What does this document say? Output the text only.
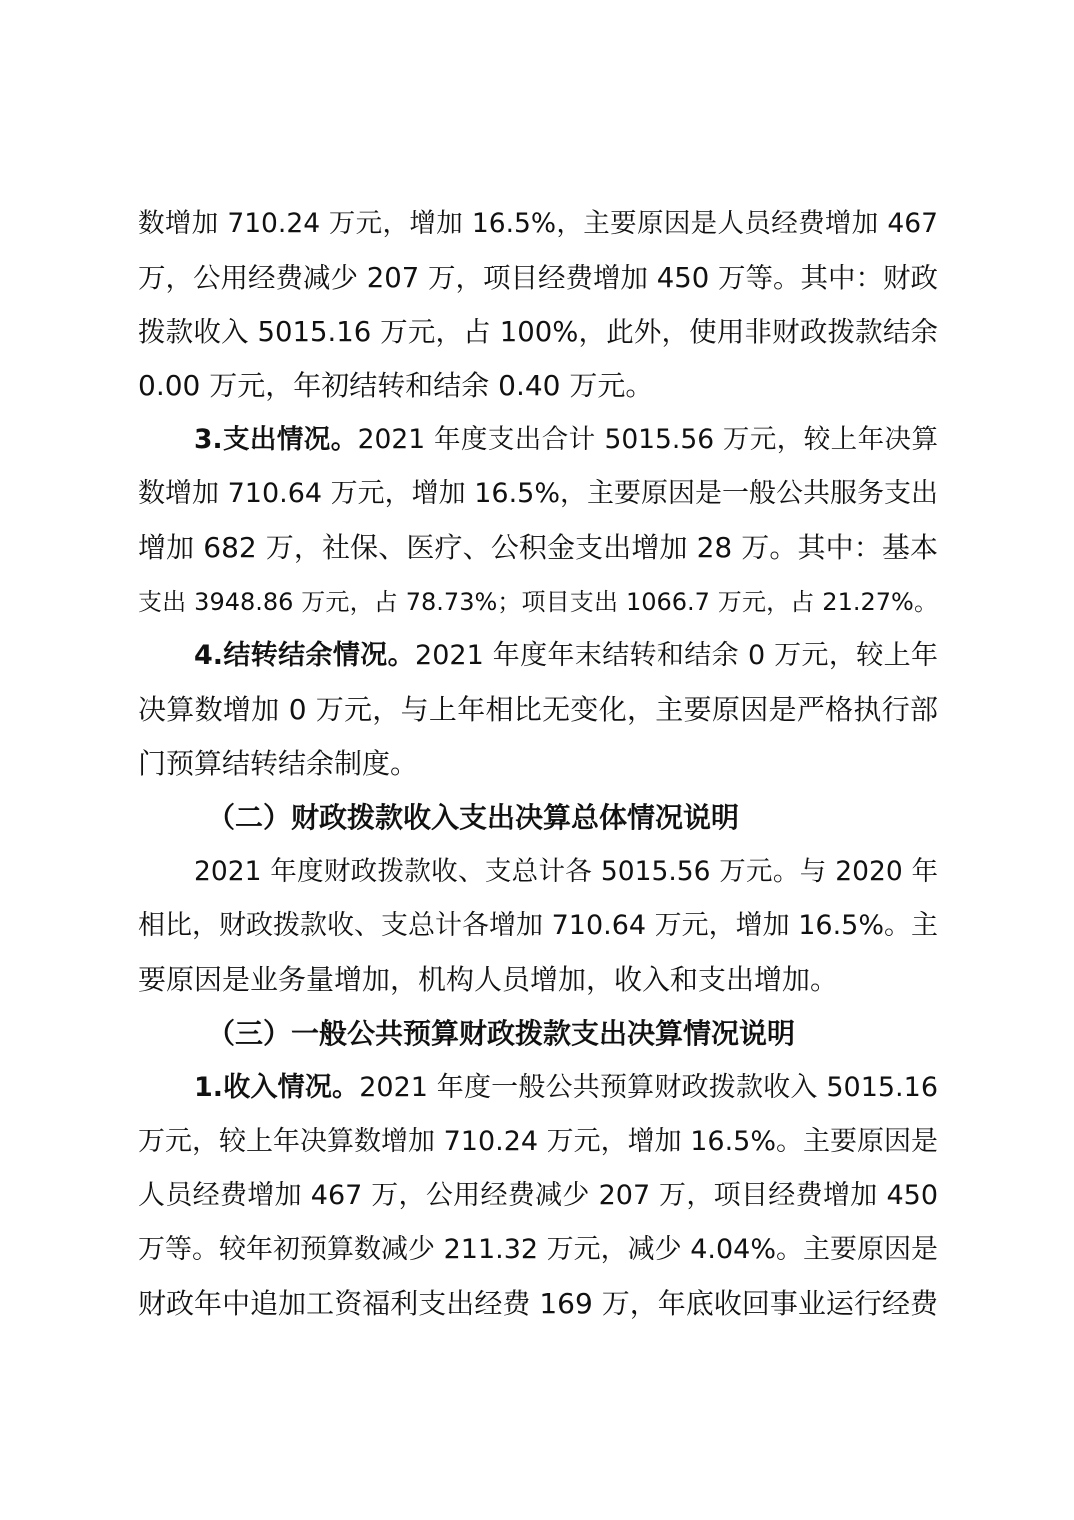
数增加 710.24 万元，增加 16.5%，主要原因是人员经费增加 467
万，公用经费减少 207 万，项目经费增加 450 万等。其中：财政
拨款收入 5015.16 万元，占 100%，此外，使用非财政拨款结余
0.00 万元，年初结转和结余 0.40 万元。
3.支出情况。2021 年度支出合计 5015.56 万元，较上年决算
数增加 710.64 万元，增加 16.5%，主要原因是一般公共服务支出
增加 682 万，社保、医疗、公积金支出增加 28 万。其中：基本
支出 3948.86 万元，占 78.73%；项目支出 1066.7 万元，占 21.27%。
4.结转结余情况。2021 年度年末结转和结余 0 万元，较上年
决算数增加 0 万元，与上年相比无变化，主要原因是严格执行部
门预算结转结余制度。
（二）财政拨款收入支出决算总体情况说明
2021 年度财政拨款收、支总计各 5015.56 万元。与 2020 年
相比，财政拨款收、支总计各增加 710.64 万元，增加 16.5%。主
要原因是业务量增加，机构人员增加，收入和支出增加。
（三）一般公共预算财政拨款支出决算情况说明
1.收入情况。2021 年度一般公共预算财政拨款收入 5015.16
万元，较上年决算数增加 710.24 万元，增加 16.5%。主要原因是
人员经费增加 467 万，公用经费减少 207 万，项目经费增加 450
万等。较年初预算数减少 211.32 万元，减少 4.04%。主要原因是
财政年中追加工资福利支出经费 169 万，年底收回事业运行经费
